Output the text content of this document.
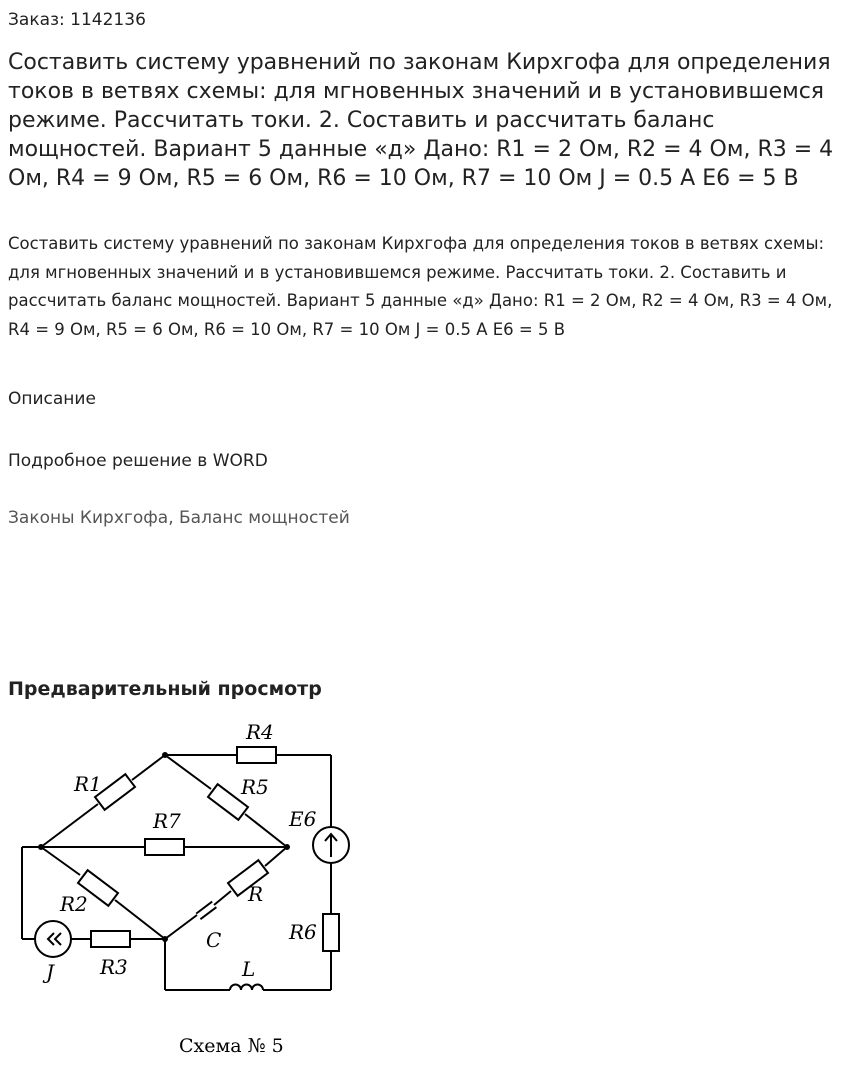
Заказ: 1142136
Составить систему уравнений по законам Кирхгофа для определения токов в ветвях схемы: для мгновенных значений и в установившемся режиме. Рассчитать токи. 2. Составить и рассчитать баланс мощностей. Вариант 5 данные «д» Дано: R1 = 2 Ом, R2 = 4 Ом, R3 = 4 Ом, R4 = 9 Ом, R5 = 6 Ом, R6 = 10 Ом, R7 = 10 Ом J = 0.5 А E6 = 5 В

Составить систему уравнений по законам Кирхгофа для определения токов в ветвях схемы: для мгновенных значений и в установившемся режиме. Рассчитать токи. 2. Составить и рассчитать баланс мощностей. Вариант 5 данные «д» Дано: R1 = 2 Ом, R2 = 4 Ом, R3 = 4 Ом, R4 = 9 Ом, R5 = 6 Ом, R6 = 10 Ом, R7 = 10 Ом J = 0.5 А E6 = 5 В

Описание
Подробное решение в WORD
Законы Кирхгофа, Баланс мощностей
Предварительный просмотр
R1
R4
R5
R7	E6
R2	R
C	R6
R3	L
J
Схема № 5
